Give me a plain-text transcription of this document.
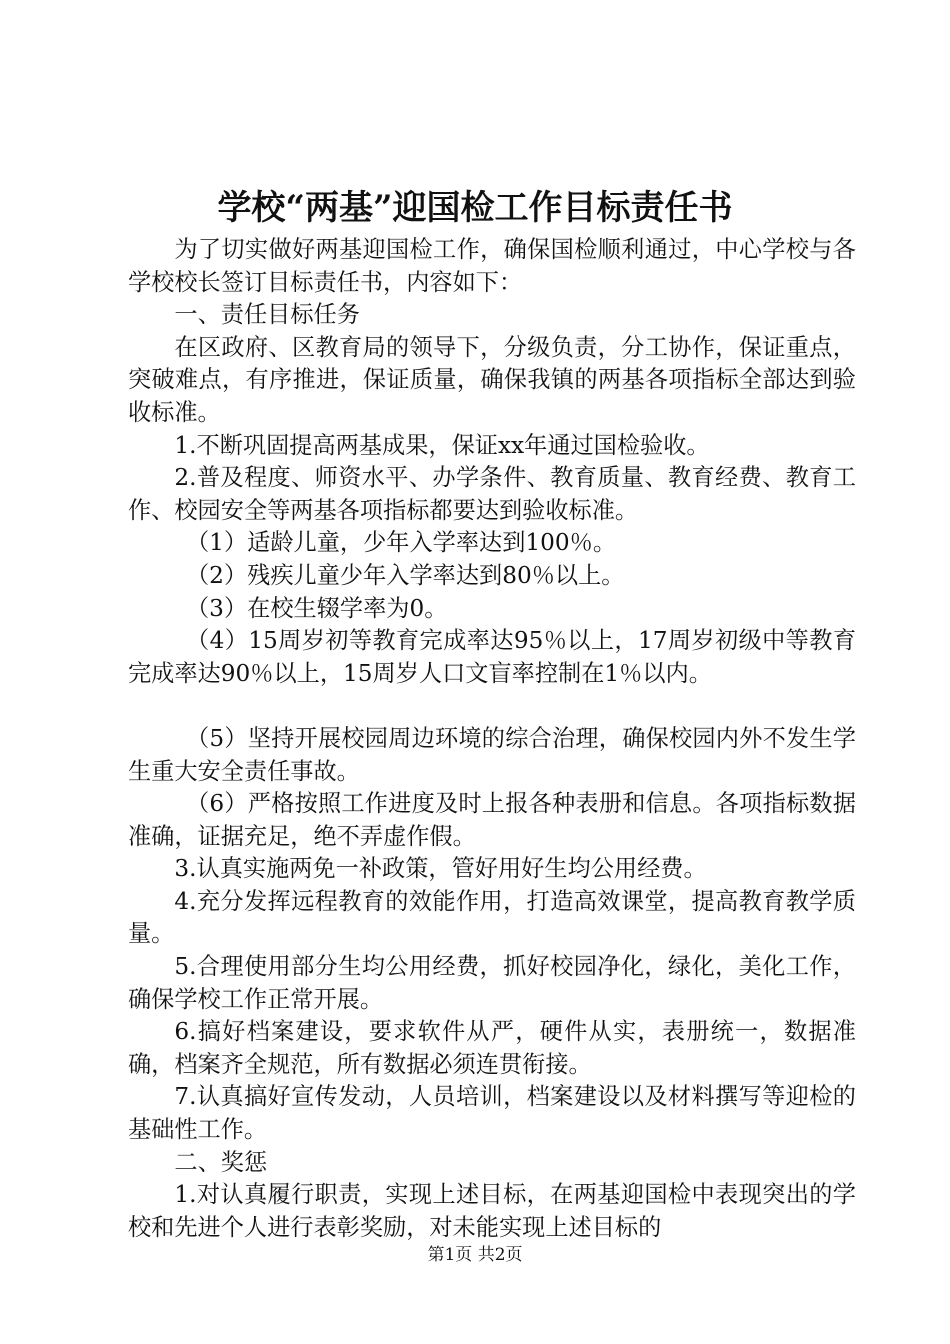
学校“两基”迎国检工作目标责任书

为了切实做好两基迎国检工作，确保国检顺利通过，中心学校与各学校校长签订目标责任书，内容如下：

一、责任目标任务

在区政府、区教育局的领导下，分级负责，分工协作，保证重点，突破难点，有序推进，保证质量，确保我镇的两基各项指标全部达到验收标准。

1.不断巩固提高两基成果，保证xx年通过国检验收。

2.普及程度、师资水平、办学条件、教育质量、教育经费、教育工作、校园安全等两基各项指标都要达到验收标准。

（1）适龄儿童，少年入学率达到100％。

（2）残疾儿童少年入学率达到80％以上。

（3）在校生辍学率为0。

（4）15周岁初等教育完成率达95％以上，17周岁初级中等教育完成率达90％以上，15周岁人口文盲率控制在1％以内。

（5）坚持开展校园周边环境的综合治理，确保校园内外不发生学生重大安全责任事故。

（6）严格按照工作进度及时上报各种表册和信息。各项指标数据准确，证据充足，绝不弄虚作假。

3.认真实施两免一补政策，管好用好生均公用经费。

4.充分发挥远程教育的效能作用，打造高效课堂，提高教育教学质量。

5.合理使用部分生均公用经费，抓好校园净化，绿化，美化工作，确保学校工作正常开展。

6.搞好档案建设，要求软件从严，硬件从实，表册统一，数据准确，档案齐全规范，所有数据必须连贯衔接。

7.认真搞好宣传发动，人员培训，档案建设以及材料撰写等迎检的基础性工作。

二、奖惩

1.对认真履行职责，实现上述目标，在两基迎国检中表现突出的学校和先进个人进行表彰奖励，对未能实现上述目标的

第1页 共2页
